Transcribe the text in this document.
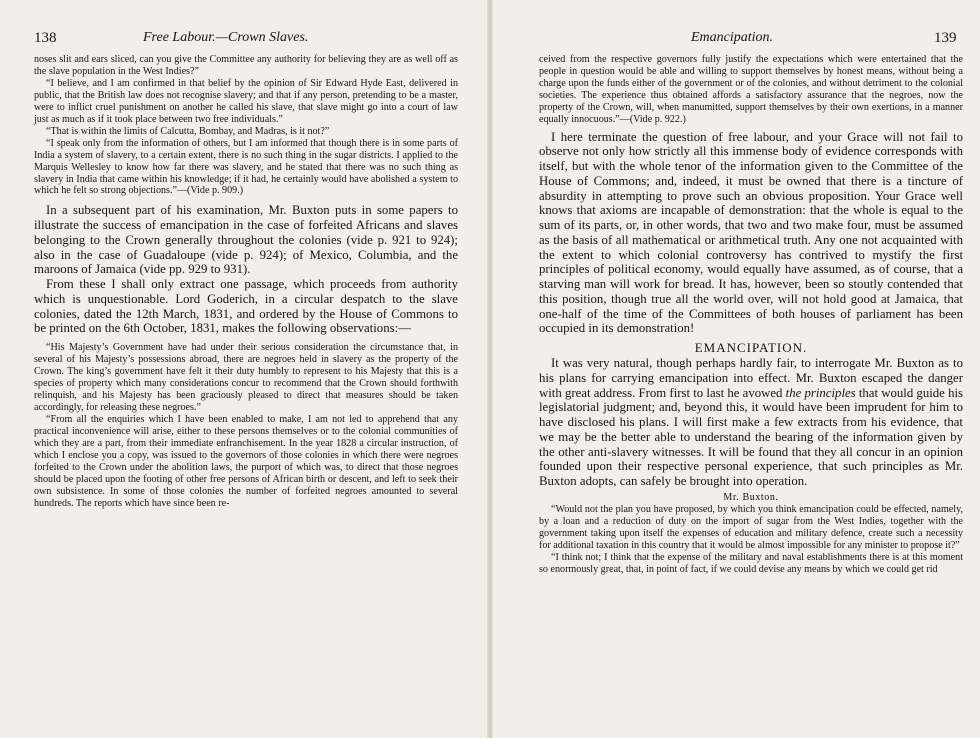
138	Free Labour.—Crown Slaves.

noses slit and ears sliced, can you give the Committee any authority for believing they are as well off as the slave population in the West Indies?”

“I believe, and I am confirmed in that belief by the opinion of Sir Edward Hyde East, delivered in public, that the British law does not recognise slavery; and that if any person, pretending to be a master, were to inflict cruel punishment on another he called his slave, that slave might go into a court of law just as much as if it took place between two free individuals.”

“That is within the limits of Calcutta, Bombay, and Madras, is it not?”

“I speak only from the information of others, but I am informed that though there is in some parts of India a system of slavery, to a certain extent, there is no such thing in the sugar districts. I applied to the Marquis Wellesley to know how far there was slavery, and he stated that there was no such thing as slavery in India that came within his knowledge; if it had, he certainly would have abolished a system to which he felt so strong objections.”—(Vide p. 909.)

In a subsequent part of his examination, Mr. Buxton puts in some papers to illustrate the success of emancipation in the case of forfeited Africans and slaves belonging to the Crown generally throughout the colonies (vide p. 921 to 924); also in the case of Guadaloupe (vide p. 924); of Mexico, Columbia, and the maroons of Jamaica (vide pp. 929 to 931).

From these I shall only extract one passage, which proceeds from authority which is unquestionable. Lord Goderich, in a circular despatch to the slave colonies, dated the 12th March, 1831, and ordered by the House of Commons to be printed on the 6th October, 1831, makes the following observations:—

“His Majesty’s Government have had under their serious consideration the circumstance that, in several of his Majesty’s possessions abroad, there are negroes held in slavery as the property of the Crown. The king’s government have felt it their duty humbly to represent to his Majesty that this is a species of property which many considerations concur to recommend that the Crown should forthwith relinquish, and his Majesty has been graciously pleased to direct that measures should be taken accordingly, for releasing these negroes.”

“From all the enquiries which I have been enabled to make, I am not led to apprehend that any practical inconvenience will arise, either to these persons themselves or to the colonial communities of which they are a part, from their immediate enfranchisement. In the year 1828 a circular instruction, of which I enclose you a copy, was issued to the governors of those colonies in which there were negroes forfeited to the Crown under the abolition laws, the purport of which was, to direct that those negroes should be placed upon the footing of other free persons of African birth or descent, and left to seek their own subsistence. In some of those colonies the number of forfeited negroes amounted to several hundreds. The reports which have since been re-

Emancipation.	139

ceived from the respective governors fully justify the expectations which were entertained that the people in question would be able and willing to support themselves by honest means, without being a charge upon the funds either of the government or of the colonies, and without detriment to the colonial societies. The experience thus obtained affords a satisfactory assurance that the negroes, now the property of the Crown, will, when manumitted, support themselves by their own exertions, in a manner equally innocuous.”—(Vide p. 922.)

I here terminate the question of free labour, and your Grace will not fail to observe not only how strictly all this immense body of evidence corresponds with itself, but with the whole tenor of the information given to the Committee of the House of Commons; and, indeed, it must be owned that there is a tincture of absurdity in attempting to prove such an obvious proposition. Your Grace well knows that axioms are incapable of demonstration: that the whole is equal to the sum of its parts, or, in other words, that two and two make four, must be assumed as the basis of all mathematical or arithmetical truth. Any one not acquainted with the extent to which colonial controversy has contrived to mystify the first principles of political economy, would equally have assumed, as of course, that a starving man will work for bread. It has, however, been so stoutly contended that this position, though true all the world over, will not hold good at Jamaica, that one-half of the time of the Committees of both houses of parliament has been occupied in its demonstration!

EMANCIPATION.

It was very natural, though perhaps hardly fair, to interrogate Mr. Buxton as to his plans for carrying emancipation into effect. Mr. Buxton escaped the danger with great address. From first to last he avowed the principles that would guide his legislatorial judgment; and, beyond this, it would have been imprudent for him to have disclosed his plans. I will first make a few extracts from his evidence, that we may be the better able to understand the bearing of the information given by the other anti-slavery witnesses. It will be found that they all concur in an opinion founded upon their respective personal experience, that such principles as Mr. Buxton adopts, can safely be brought into operation.

Mr. Buxton.

“Would not the plan you have proposed, by which you think emancipation could be effected, namely, by a loan and a reduction of duty on the import of sugar from the West Indies, together with the government taking upon itself the expenses of education and military defence, create such a necessity for additional taxation in this country that it would be almost impossible for any minister to propose it?”

“I think not; I think that the expense of the military and naval establishments there is at this moment so enormously great, that, in point of fact, if we could devise any means by which we could get rid
